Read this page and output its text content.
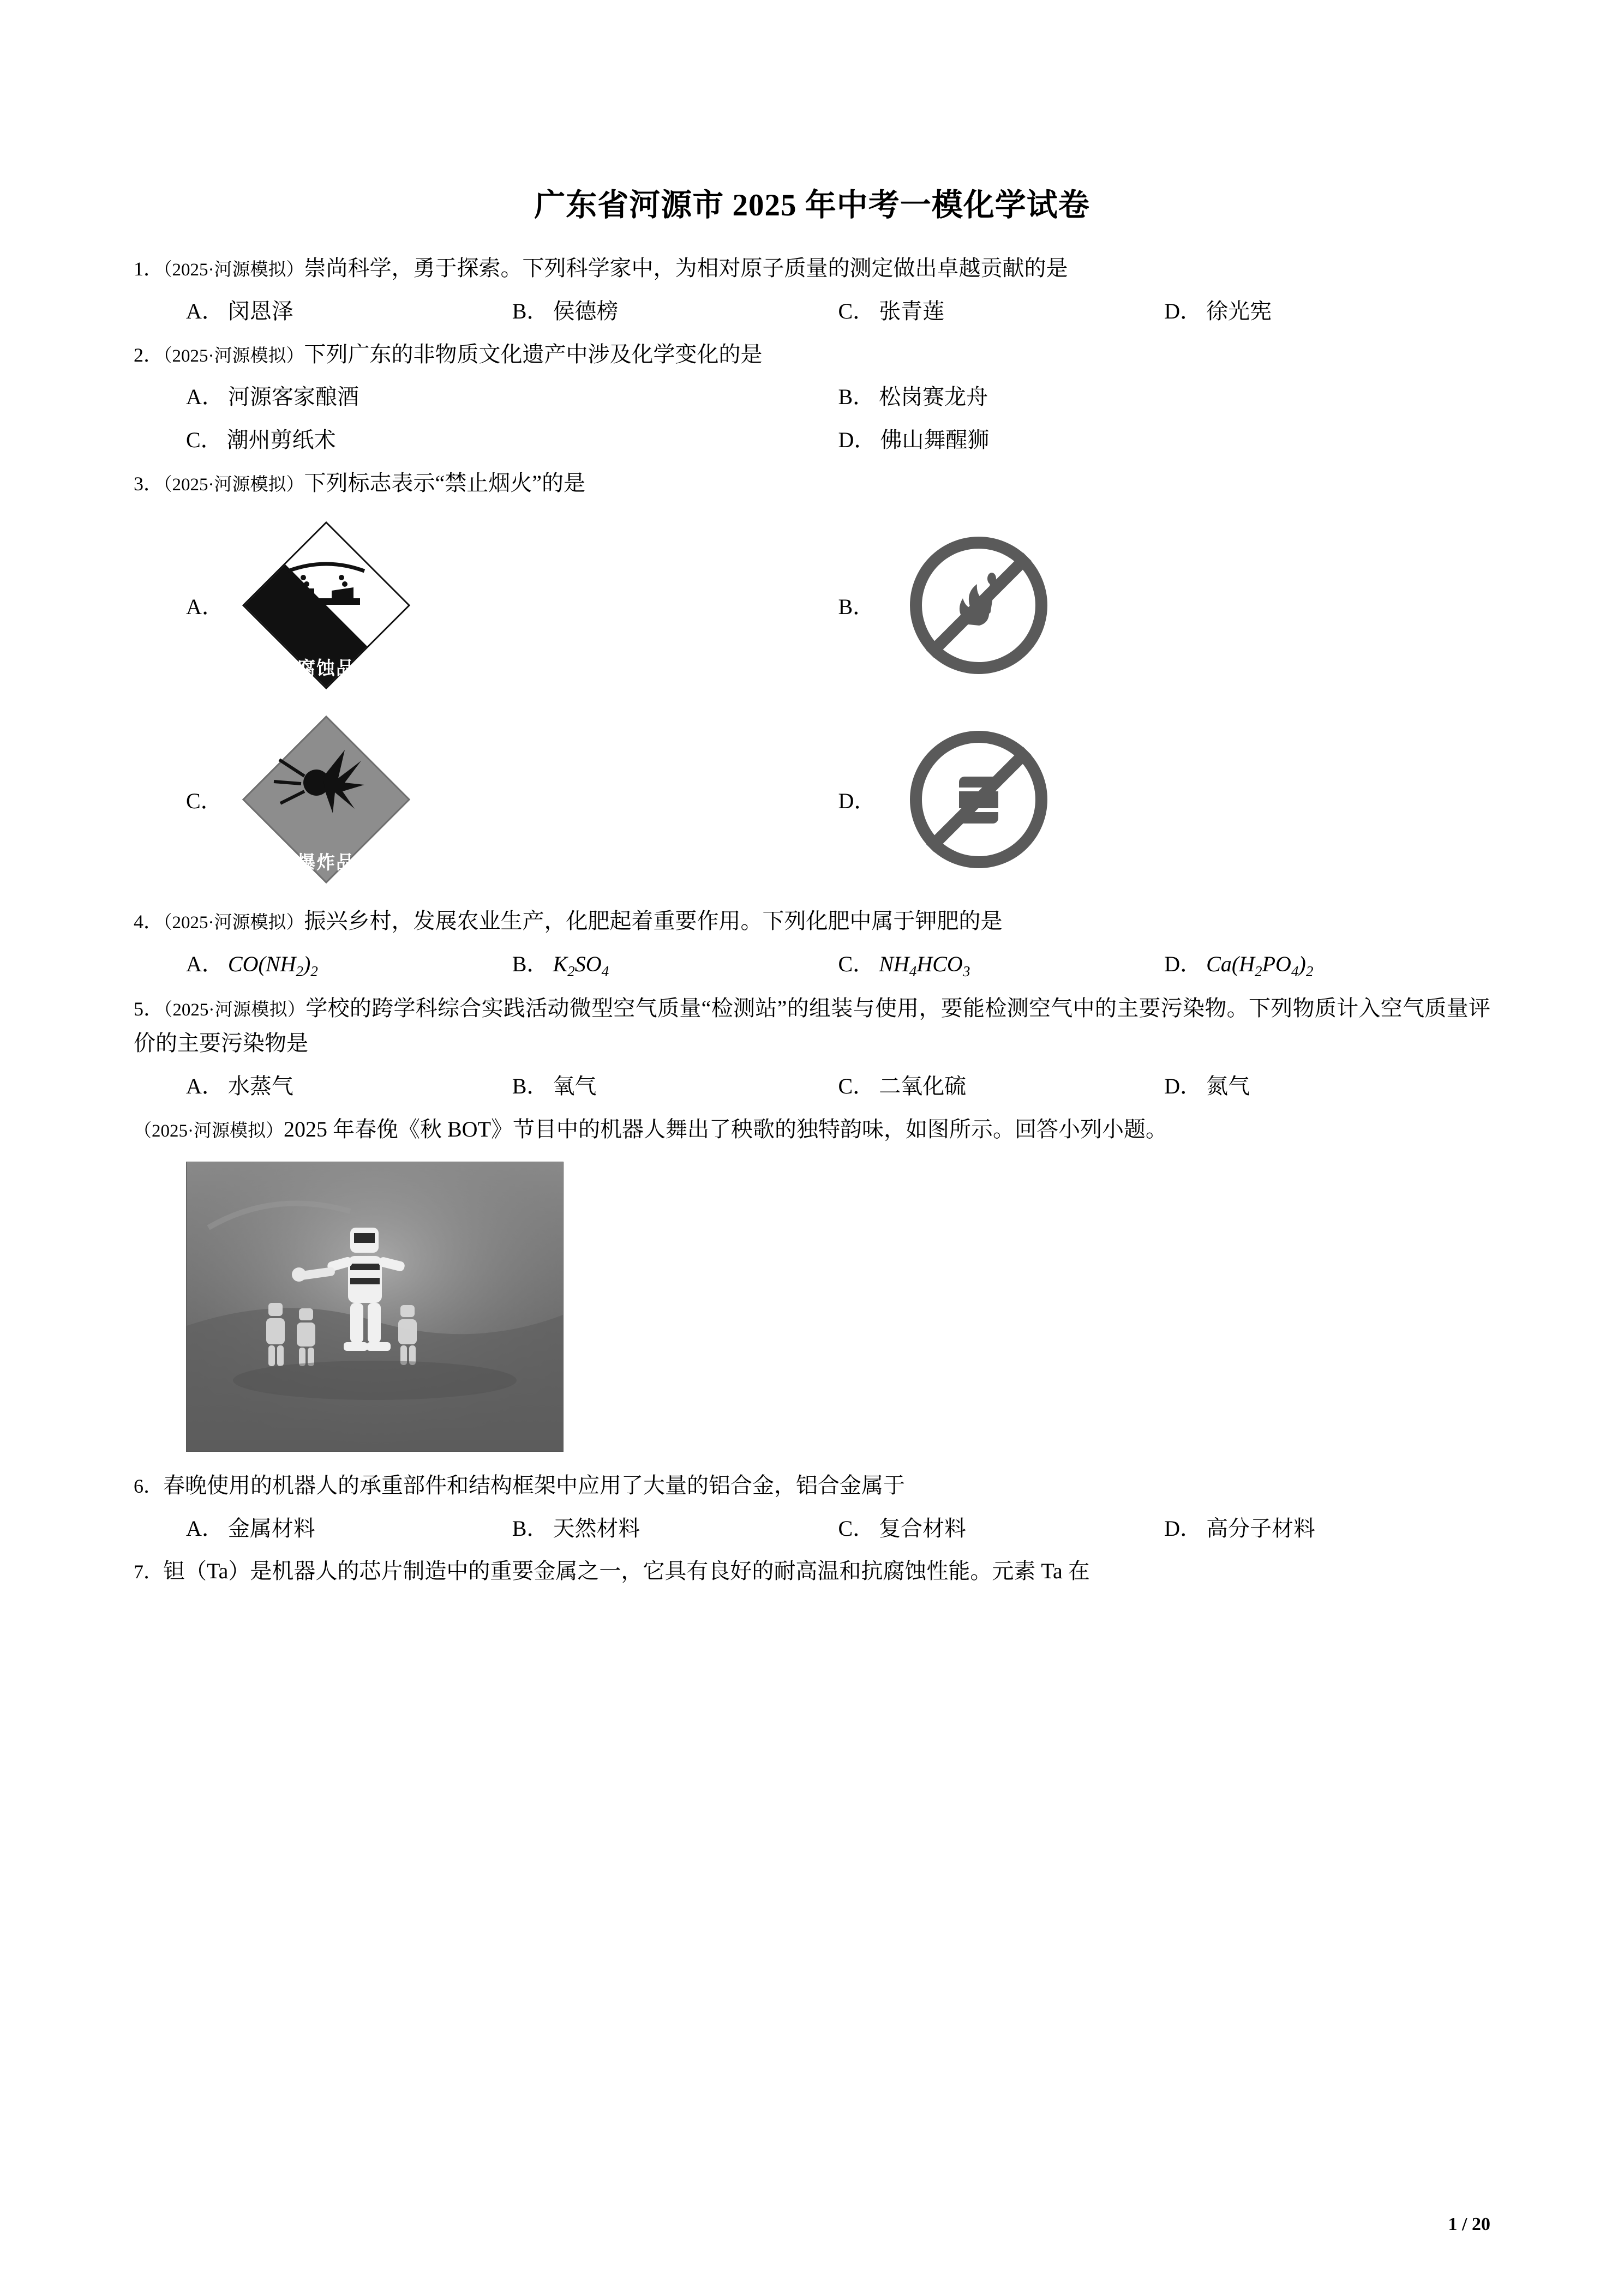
广东省河源市 2025 年中考一模化学试卷

1．（2025·河源模拟）崇尚科学，勇于探索。下列科学家中，为相对原子质量的测定做出卓越贡献的是

A． 闵恩泽	B． 侯德榜	C． 张青莲	D． 徐光宪

2．（2025·河源模拟）下列广东的非物质文化遗产中涉及化学变化的是

A． 河源客家酿酒	B． 松岗赛龙舟
C． 潮州剪纸术	D． 佛山舞醒狮

3．（2025·河源模拟）下列标志表示“禁止烟火”的是

A．
腐蚀品
B．
C．
爆炸品
D．

4．（2025·河源模拟）振兴乡村，发展农业生产，化肥起着重要作用。下列化肥中属于钾肥的是

A． $CO(NH_2)_2$	B． $K_2SO_4$	C． $NH_4HCO_3$	D． $Ca(H_2PO_4)_2$

5．（2025·河源模拟）学校的跨学科综合实践活动微型空气质量“检测站”的组装与使用，要能检测空气中的主要污染物。下列物质计入空气质量评价的主要污染物是

A． 水蒸气	B． 氧气	C． 二氧化硫	D． 氮气

（2025·河源模拟）2025 年春俛《秋 BOT》节目中的机器人舞出了秧歌的独特韵味，如图所示。回答小列小题。

6．春晚使用的机器人的承重部件和结构框架中应用了大量的铝合金，铝合金属于

A． 金属材料	B． 天然材料	C． 复合材料	D． 高分子材料

7．钽（Ta）是机器人的芯片制造中的重要金属之一，它具有良好的耐高温和抗腐蚀性能。元素 Ta 在

1 / 20
